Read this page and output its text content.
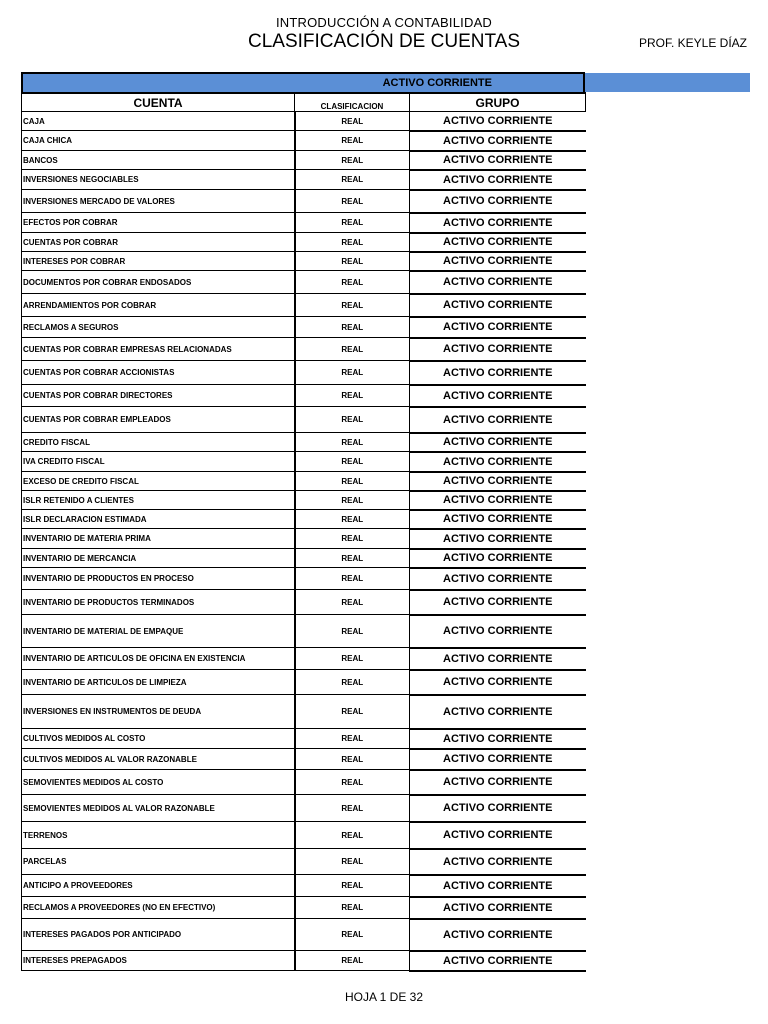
INTRODUCCIÓN A CONTABILIDAD
CLASIFICACIÓN DE CUENTAS	PROF. KEYLE DÍAZ
ACTIVO CORRIENTE
CUENTA	CLASIFICACION	GRUPO
CAJA	REAL	ACTIVO CORRIENTE
CAJA CHICA	REAL	ACTIVO CORRIENTE
BANCOS	REAL	ACTIVO CORRIENTE
INVERSIONES NEGOCIABLES	REAL	ACTIVO CORRIENTE
INVERSIONES MERCADO DE VALORES	REAL	ACTIVO CORRIENTE
EFECTOS POR COBRAR	REAL	ACTIVO CORRIENTE
CUENTAS POR COBRAR	REAL	ACTIVO CORRIENTE
INTERESES POR COBRAR	REAL	ACTIVO CORRIENTE
DOCUMENTOS POR COBRAR ENDOSADOS	REAL	ACTIVO CORRIENTE
ARRENDAMIENTOS POR COBRAR	REAL	ACTIVO CORRIENTE
RECLAMOS A SEGUROS	REAL	ACTIVO CORRIENTE
CUENTAS POR COBRAR EMPRESAS RELACIONADAS	REAL	ACTIVO CORRIENTE
CUENTAS POR COBRAR ACCIONISTAS	REAL	ACTIVO CORRIENTE
CUENTAS POR COBRAR DIRECTORES	REAL	ACTIVO CORRIENTE
CUENTAS POR COBRAR EMPLEADOS	REAL	ACTIVO CORRIENTE
CREDITO FISCAL	REAL	ACTIVO CORRIENTE
IVA CREDITO FISCAL	REAL	ACTIVO CORRIENTE
EXCESO DE CREDITO FISCAL	REAL	ACTIVO CORRIENTE
ISLR RETENIDO A CLIENTES	REAL	ACTIVO CORRIENTE
ISLR DECLARACION ESTIMADA	REAL	ACTIVO CORRIENTE
INVENTARIO DE MATERIA PRIMA	REAL	ACTIVO CORRIENTE
INVENTARIO DE MERCANCIA	REAL	ACTIVO CORRIENTE
INVENTARIO DE PRODUCTOS EN PROCESO	REAL	ACTIVO CORRIENTE
INVENTARIO DE PRODUCTOS TERMINADOS	REAL	ACTIVO CORRIENTE
INVENTARIO DE MATERIAL DE EMPAQUE	REAL	ACTIVO CORRIENTE
INVENTARIO DE ARTICULOS DE OFICINA EN EXISTENCIA	REAL	ACTIVO CORRIENTE
INVENTARIO DE ARTICULOS DE LIMPIEZA	REAL	ACTIVO CORRIENTE
INVERSIONES EN INSTRUMENTOS DE DEUDA	REAL	ACTIVO CORRIENTE
CULTIVOS MEDIDOS AL COSTO	REAL	ACTIVO CORRIENTE
CULTIVOS MEDIDOS AL VALOR RAZONABLE	REAL	ACTIVO CORRIENTE
SEMOVIENTES MEDIDOS AL COSTO	REAL	ACTIVO CORRIENTE
SEMOVIENTES MEDIDOS AL VALOR RAZONABLE	REAL	ACTIVO CORRIENTE
TERRENOS	REAL	ACTIVO CORRIENTE
PARCELAS	REAL	ACTIVO CORRIENTE
ANTICIPO A PROVEEDORES	REAL	ACTIVO CORRIENTE
RECLAMOS A PROVEEDORES (NO EN EFECTIVO)	REAL	ACTIVO CORRIENTE
INTERESES PAGADOS POR ANTICIPADO	REAL	ACTIVO CORRIENTE
INTERESES PREPAGADOS	REAL	ACTIVO CORRIENTE
HOJA 1 DE 32
